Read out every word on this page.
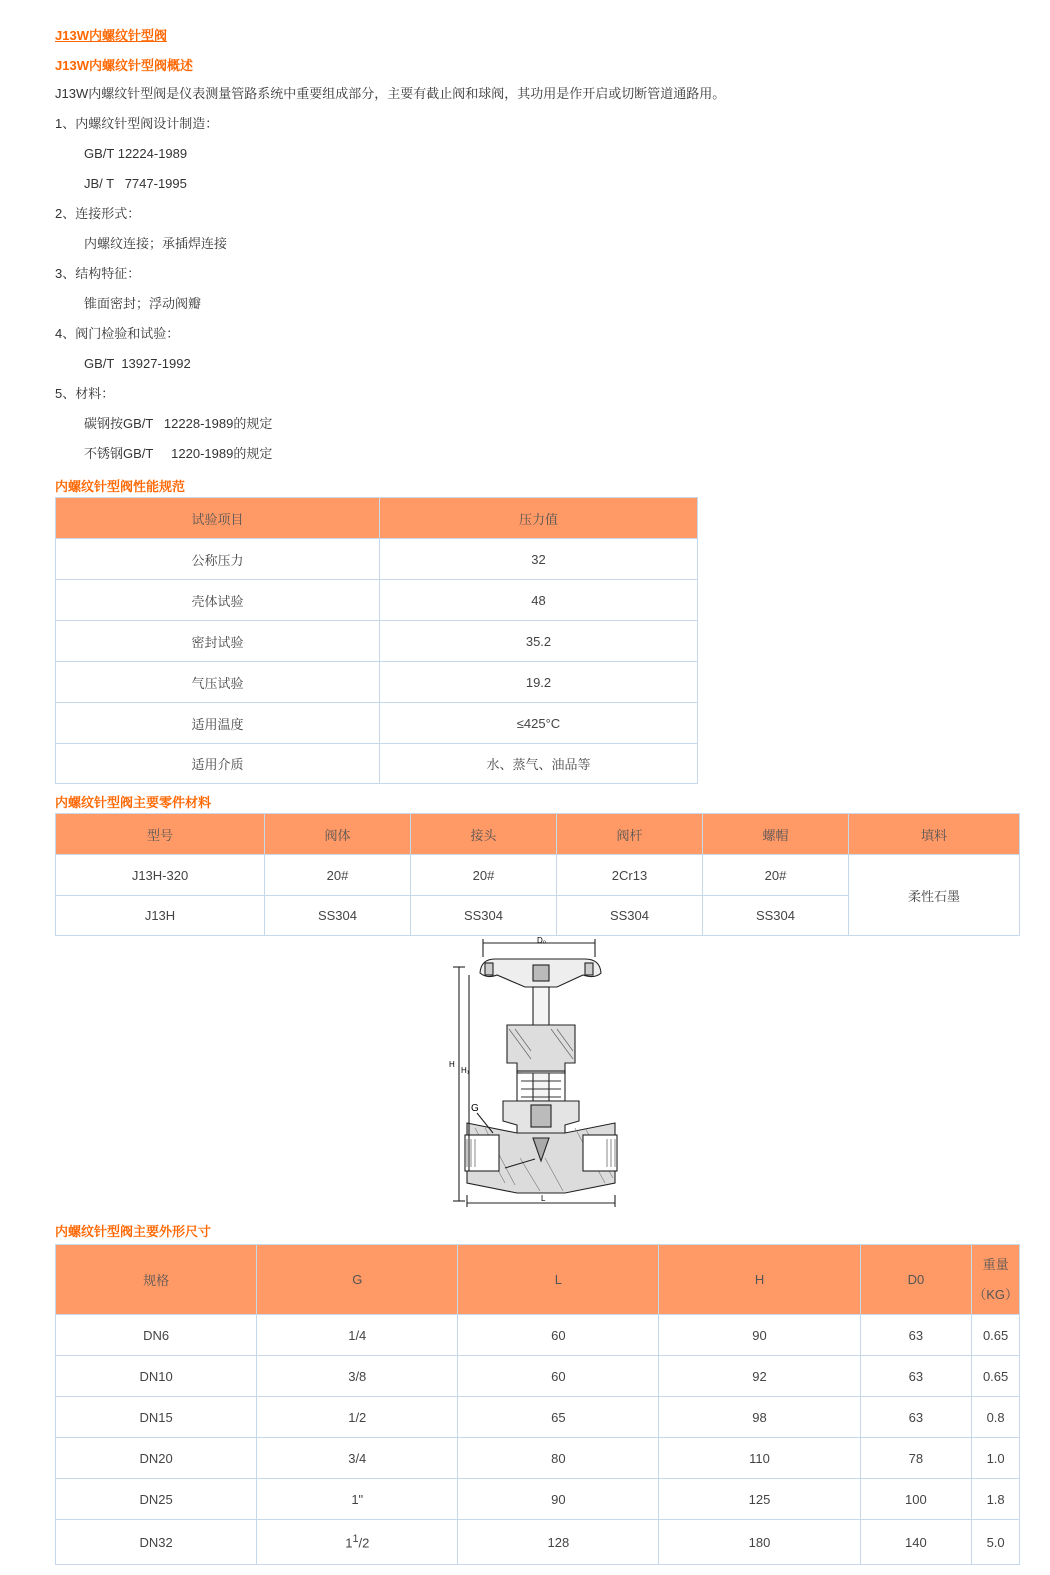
J13W内螺纹针型阀
J13W内螺纹针型阀概述
J13W内螺纹针型阀是仪表测量管路系统中重要组成部分，主要有截止阀和球阀，其功用是作开启或切断管道通路用。
1、内螺纹针型阀设计制造：
GB/T 12224-1989
JB/ T   7747-1995
2、连接形式：
内螺纹连接；承插焊连接
3、结构特征：
锥面密封；浮动阀瓣
4、阀门检验和试验：
GB/T  13927-1992
5、材料：
碳钢按GB/T   12228-1989的规定
不锈钢GB/T     1220-1989的规定
内螺纹针型阀性能规范
试验项目	压力值
公称压力	32
壳体试验	48
密封试验	35.2
气压试验	19.2
适用温度	≤425°C
适用介质	水、蒸气、油品等
内螺纹针型阀主要零件材料
型号	阀体	接头	阀杆	螺帽	填料
J13H-320	20#	20#	2Cr13	20#	柔性石墨
J13H	SS304	SS304	SS304	SS304	
D₀
H
H₁
G
L
内螺纹针型阀主要外形尺寸
规格	G	L	H	D0	重量
（KG）
DN6	1/4	60	90	63	0.65
DN10	3/8	60	92	63	0.65
DN15	1/2	65	98	63	0.8
DN20	3/4	80	110	78	1.0
DN25	1"	90	125	100	1.8
DN32	$1^1/2$	128	180	140	5.0
